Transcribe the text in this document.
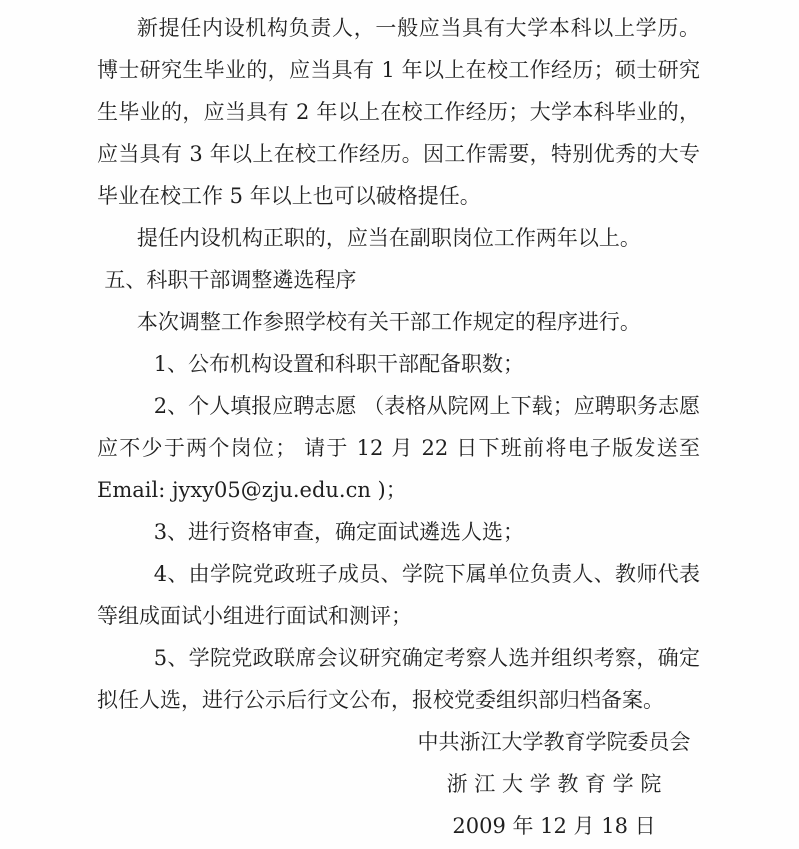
新提任内设机构负责人，一般应当具有大学本科以上学历。博士研究生毕业的，应当具有 1 年以上在校工作经历；硕士研究生毕业的，应当具有 2 年以上在校工作经历；大学本科毕业的，应当具有 3 年以上在校工作经历。因工作需要，特别优秀的大专毕业在校工作 5 年以上也可以破格提任。

提任内设机构正职的，应当在副职岗位工作两年以上。

五、科职干部调整遴选程序

本次调整工作参照学校有关干部工作规定的程序进行。

1、公布机构设置和科职干部配备职数；

2、个人填报应聘志愿 （表格从院网上下载；应聘职务志愿应不少于两个岗位； 请于 12 月 22 日下班前将电子版发送至 Email: jyxy05@zju.edu.cn )；

3、进行资格审查，确定面试遴选人选；

4、由学院党政班子成员、学院下属单位负责人、教师代表等组成面试小组进行面试和测评；

5、学院党政联席会议研究确定考察人选并组织考察，确定拟任人选，进行公示后行文公布，报校党委组织部归档备案。

中共浙江大学教育学院委员会

浙 江 大 学 教 育 学 院

2009 年 12 月 18 日
